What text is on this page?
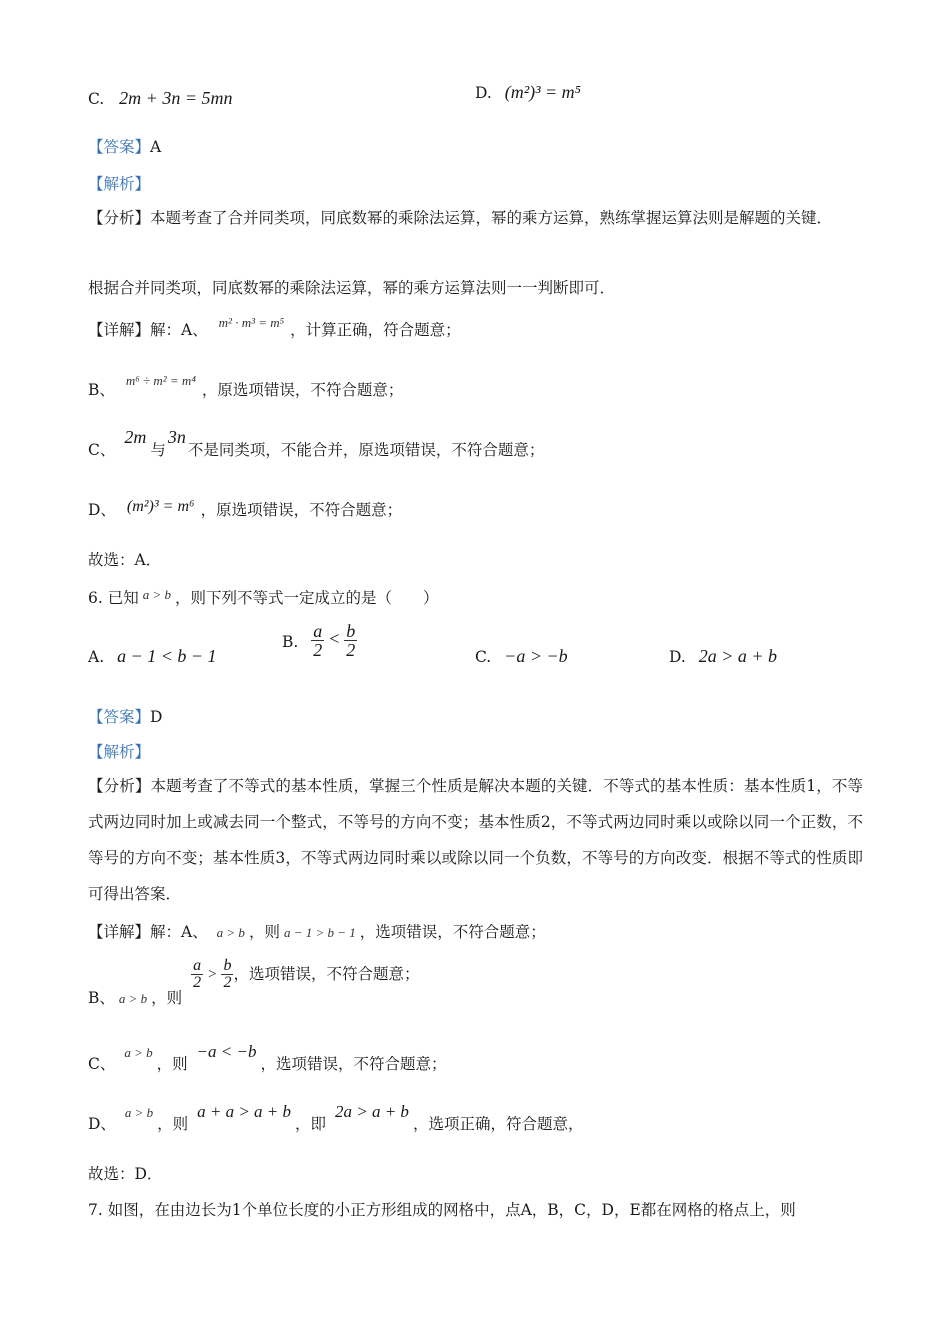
C. 2m + 3n = 5mn	D. (m²)³ = m⁵
【答案】A
【解析】
【分析】本题考查了合并同类项，同底数幂的乘除法运算，幂的乘方运算，熟练掌握运算法则是解题的关键．
根据合并同类项，同底数幂的乘除法运算，幂的乘方运算法则一一判断即可．
【详解】解：A、 $^{m^2 \cdot m^3 = m^5}$ ，计算正确，符合题意；
B、 $^{m^6 \div m^2 = m^4}$，原选项错误，不符合题意；
C、 2m与3n不是同类项，不能合并，原选项错误，不符合题意；
D、 (m²)³ = m⁶ ，原选项错误，不符合题意；
故选：A．
6. 已知 $^{a > b}$ ，则下列不等式一定成立的是（　　）
A. a − 1 < b − 1
B. $\frac{a}{2} < \frac{b}{2}$	C. −a > −b	D. 2a > a + b
【答案】D
【解析】
【分析】本题考查了不等式的基本性质，掌握三个性质是解决本题的关键．不等式的基本性质：基本性质1，不等式两边同时加上或减去同一个整式，不等号的方向不变；基本性质2，不等式两边同时乘以或除以同一个正数，不等号的方向不变；基本性质3，不等式两边同时乘以或除以同一个负数，不等号的方向改变．根据不等式的性质即可得出答案．
【详解】解：A、 a > b ，则 a − 1 > b − 1 ，选项错误，不符合题意；
B、 $_{a > b}$ ，则
$\frac{a}{2} > \frac{b}{2}$ ，选项错误，不符合题意；
C、 $^{a > b}$，则 −a < −b，选项错误，不符合题意；
D、 $^{a > b}$，则 a + a > a + b，即 2a > a + b，选项正确，符合题意，
故选：D．
7. 如图，在由边长为1个单位长度的小正方形组成的网格中，点A，B，C，D，E都在网格的格点上，则
